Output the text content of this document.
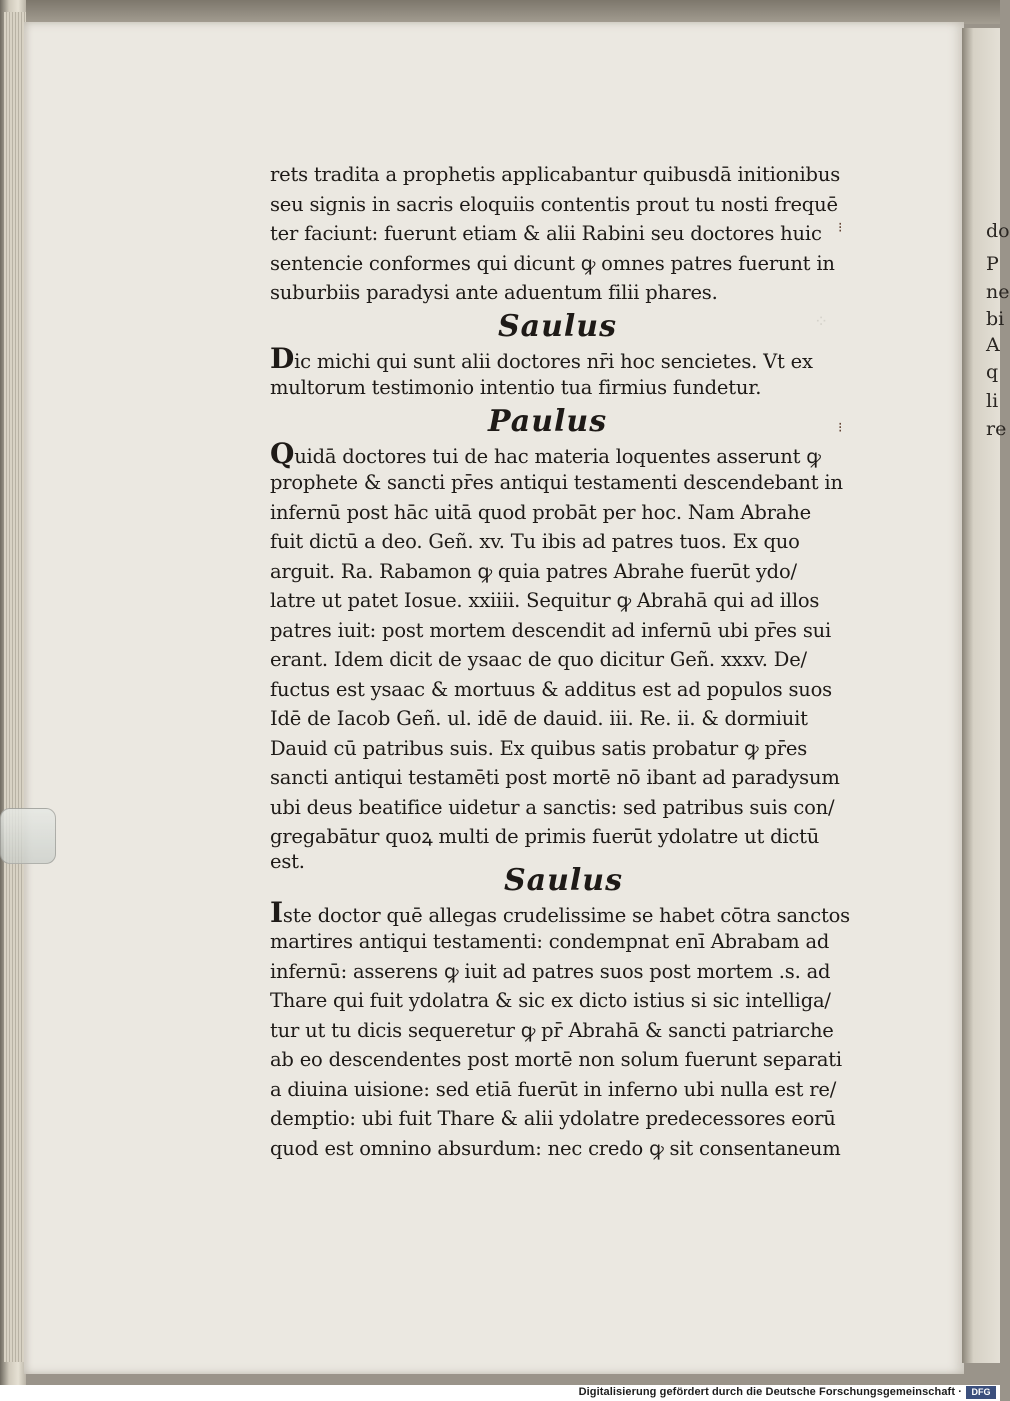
⁘
do
P
ne
bi
A
q
li
re
rets tradita a prophetis applicabantur quibusdā initionibus
seu signis in sacris eloquiis contentis prout tu nosti frequē
ter faciunt: fuerunt etiam & alii Rabini seu doctores huic
sentencie conformes qui dicunt ꝙ omnes patres fuerunt in
suburbiis paradysi ante aduentum filii phares.
Saulus
Dic michi qui sunt alii doctores nr̄i hoc sencietes. Vt ex
multorum testimonio intentio tua firmius fundetur.
Paulus
Quidā doctores tui de hac materia loquentes asserunt ꝙ
prophete & sancti pr̄es antiqui testamenti descendebant in
infernū post hāc uitā quod probāt per hoc. Nam Abrahe
fuit dictū a deo. Geñ. xv. Tu ibis ad patres tuos. Ex quo
arguit. Ra. Rabamon ꝙ quia patres Abrahe fuerūt ydo/
latre ut patet Iosue. xxiiii. Sequitur ꝙ Abrahā qui ad illos
patres iuit: post mortem descendit ad infernū ubi pr̄es sui
erant. Idem dicit de ysaac de quo dicitur Geñ. xxxv. De/
fuctus est ysaac & mortuus & additus est ad populos suos
Idē de Iacob Geñ. ul. idē de dauid. iii. Re. ii. & dormiuit
Dauid cū patribus suis. Ex quibus satis probatur ꝙ pr̄es
sancti antiqui testamēti post mortē nō ibant ad paradysum
ubi deus beatifice uidetur a sanctis: sed patribus suis con/
gregabātur quoꝝ multi de primis fuerūt ydolatre ut dictū
est.
Saulus
Iste doctor quē allegas crudelissime se habet cōtra sanctos
martires antiqui testamenti: condempnat enī Abrabam ad
infernū: asserens ꝙ iuit ad patres suos post mortem .s. ad
Thare qui fuit ydolatra & sic ex dicto istius si sic intelliga/
tur ut tu dicis sequeretur ꝙ pr̄ Abrahā & sancti patriarche
ab eo descendentes post mortē non solum fuerunt separati
a diuina uisione: sed etiā fuerūt in inferno ubi nulla est re/
demptio: ubi fuit Thare & alii ydolatre predecessores eorū
quod est omnino absurdum: nec credo ꝙ sit consentaneum
⁝
⁝
Digitalisierung gefördert durch die Deutsche Forschungsgemeinschaft ·	DFG
